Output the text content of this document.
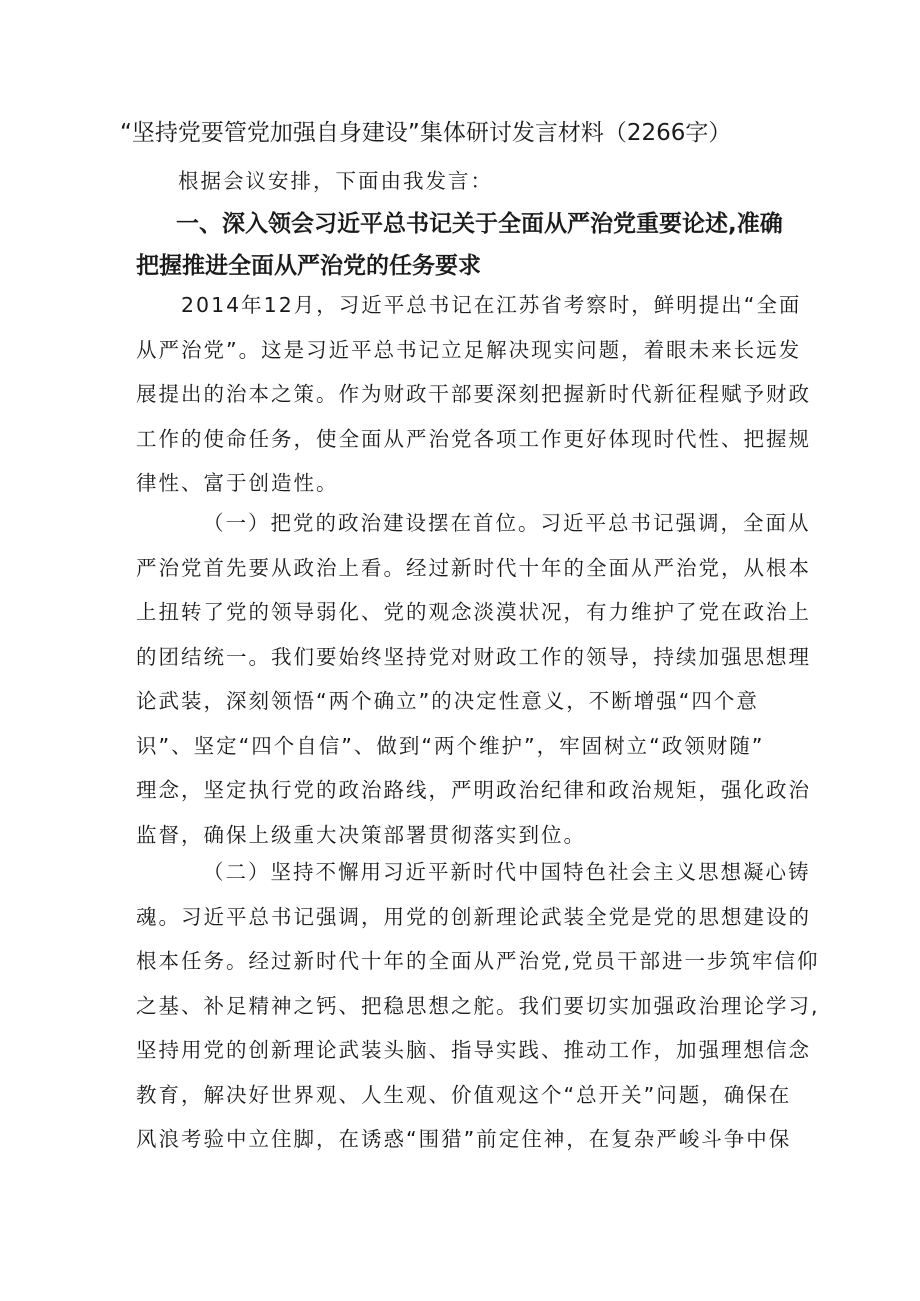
“坚持党要管党加强自身建设”集体研讨发言材料（2266字）
根据会议安排，下面由我发言：
一、深入领会习近平总书记关于全面从严治党重要论述,准确
把握推进全面从严治党的任务要求
2014年12月，习近平总书记在江苏省考察时，鲜明提出“全面
从严治党”。这是习近平总书记立足解决现实问题，着眼未来长远发
展提出的治本之策。作为财政干部要深刻把握新时代新征程赋予财政
工作的使命任务，使全面从严治党各项工作更好体现时代性、把握规
律性、富于创造性。
（一）把党的政治建设摆在首位。习近平总书记强调，全面从
严治党首先要从政治上看。经过新时代十年的全面从严治党，从根本
上扭转了党的领导弱化、党的观念淡漠状况，有力维护了党在政治上
的团结统一。我们要始终坚持党对财政工作的领导，持续加强思想理
论武装，深刻领悟“两个确立”的决定性意义，不断增强“四个意
识”、坚定“四个自信”、做到“两个维护”，牢固树立“政领财随”
理念，坚定执行党的政治路线，严明政治纪律和政治规矩，强化政治
监督，确保上级重大决策部署贯彻落实到位。
（二）坚持不懈用习近平新时代中国特色社会主义思想凝心铸
魂。习近平总书记强调，用党的创新理论武装全党是党的思想建设的
根本任务。经过新时代十年的全面从严治党,党员干部进一步筑牢信仰
之基、补足精神之钙、把稳思想之舵。我们要切实加强政治理论学习,
坚持用党的创新理论武装头脑、指导实践、推动工作，加强理想信念
教育，解决好世界观、人生观、价值观这个“总开关”问题，确保在
风浪考验中立住脚，在诱惑“围猎”前定住神，在复杂严峻斗争中保
